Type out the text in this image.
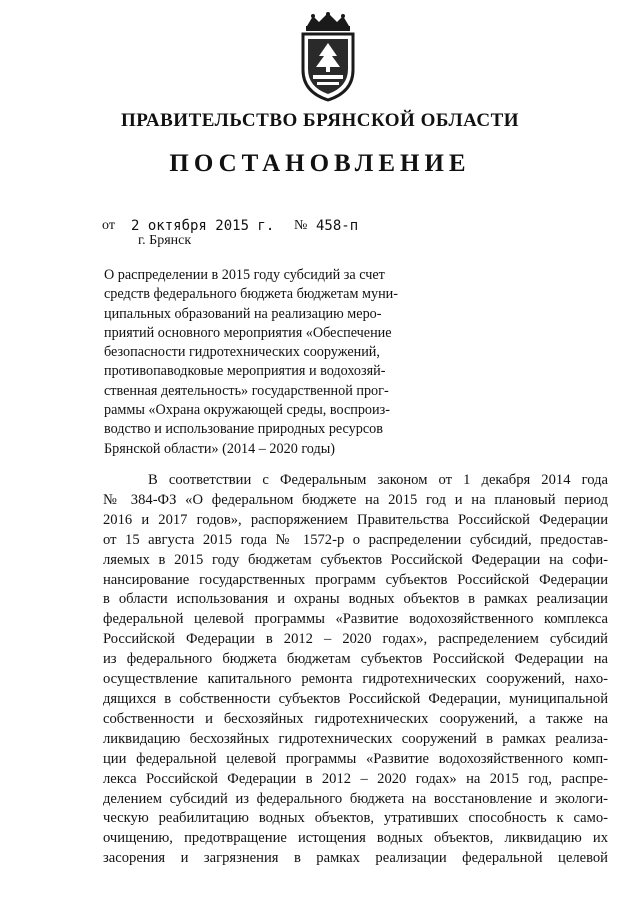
ПРАВИТЕЛЬСТВО БРЯНСКОЙ ОБЛАСТИ
ПОСТАНОВЛЕНИЕ
от 2 октября 2015 г. № 458-п
г. Брянск
О распределении в 2015 году субсидий за счет
средств федерального бюджета бюджетам муни-
ципальных образований на реализацию меро-
приятий основного мероприятия «Обеспечение
безопасности гидротехнических сооружений,
противопаводковые мероприятия и водохозяй-
ственная деятельность» государственной прог-
раммы «Охрана окружающей среды, воспроиз-
водство и использование природных ресурсов
Брянской области» (2014 – 2020 годы)
В соответствии с Федеральным законом от 1 декабря 2014 года
№ 384-ФЗ «О федеральном бюджете на 2015 год и на плановый период
2016 и 2017 годов», распоряжением Правительства Российской Федерации
от 15 августа 2015 года № 1572-р о распределении субсидий, предостав-
ляемых в 2015 году бюджетам субъектов Российской Федерации на софи-
нансирование государственных программ субъектов Российской Федерации
в области использования и охраны водных объектов в рамках реализации
федеральной целевой программы «Развитие водохозяйственного комплекса
Российской Федерации в 2012 – 2020 годах», распределением субсидий
из федерального бюджета бюджетам субъектов Российской Федерации на
осуществление капитального ремонта гидротехнических сооружений, нахо-
дящихся в собственности субъектов Российской Федерации, муниципальной
собственности и бесхозяйных гидротехнических сооружений, а также на
ликвидацию бесхозяйных гидротехнических сооружений в рамках реализа-
ции федеральной целевой программы «Развитие водохозяйственного комп-
лекса Российской Федерации в 2012 – 2020 годах» на 2015 год, распре-
делением субсидий из федерального бюджета на восстановление и экологи-
ческую реабилитацию водных объектов, утративших способность к само-
очищению, предотвращение истощения водных объектов, ликвидацию их
засорения и загрязнения в рамках реализации федеральной целевой
